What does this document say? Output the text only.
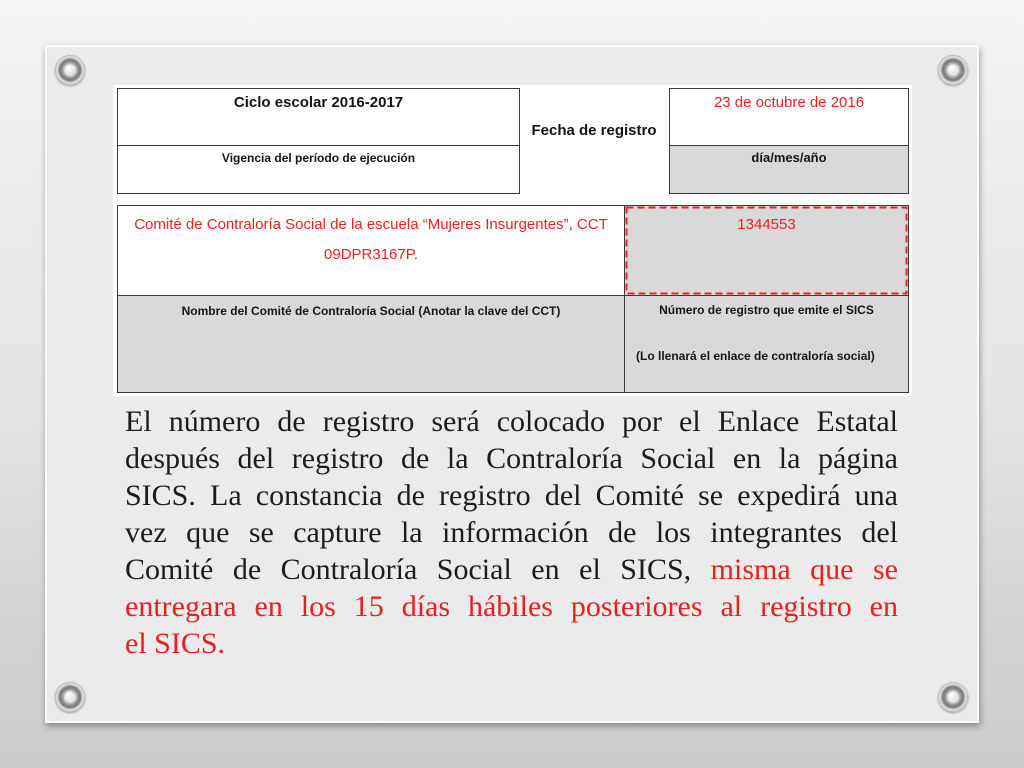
Ciclo escolar 2016-2017
Vigencia del período de ejecución
Fecha de registro
23 de octubre de 2016
día/mes/año
Comité de Contraloría Social de la escuela “Mujeres Insurgentes”, CCT 09DPR3167P.
1344553
Nombre del Comité de Contraloría Social (Anotar la clave del CCT)	Número de registro que emite el SICS
(Lo llenará el enlace de contraloría social)
El número de registro será colocado por el Enlace Estatal
después del registro de la Contraloría Social en la página
SICS. La constancia de registro del Comité se expedirá una
vez que se capture la información de los integrantes del
Comité de Contraloría Social en el SICS, misma que se
entregara en los 15 días hábiles posteriores al registro en
el SICS.
